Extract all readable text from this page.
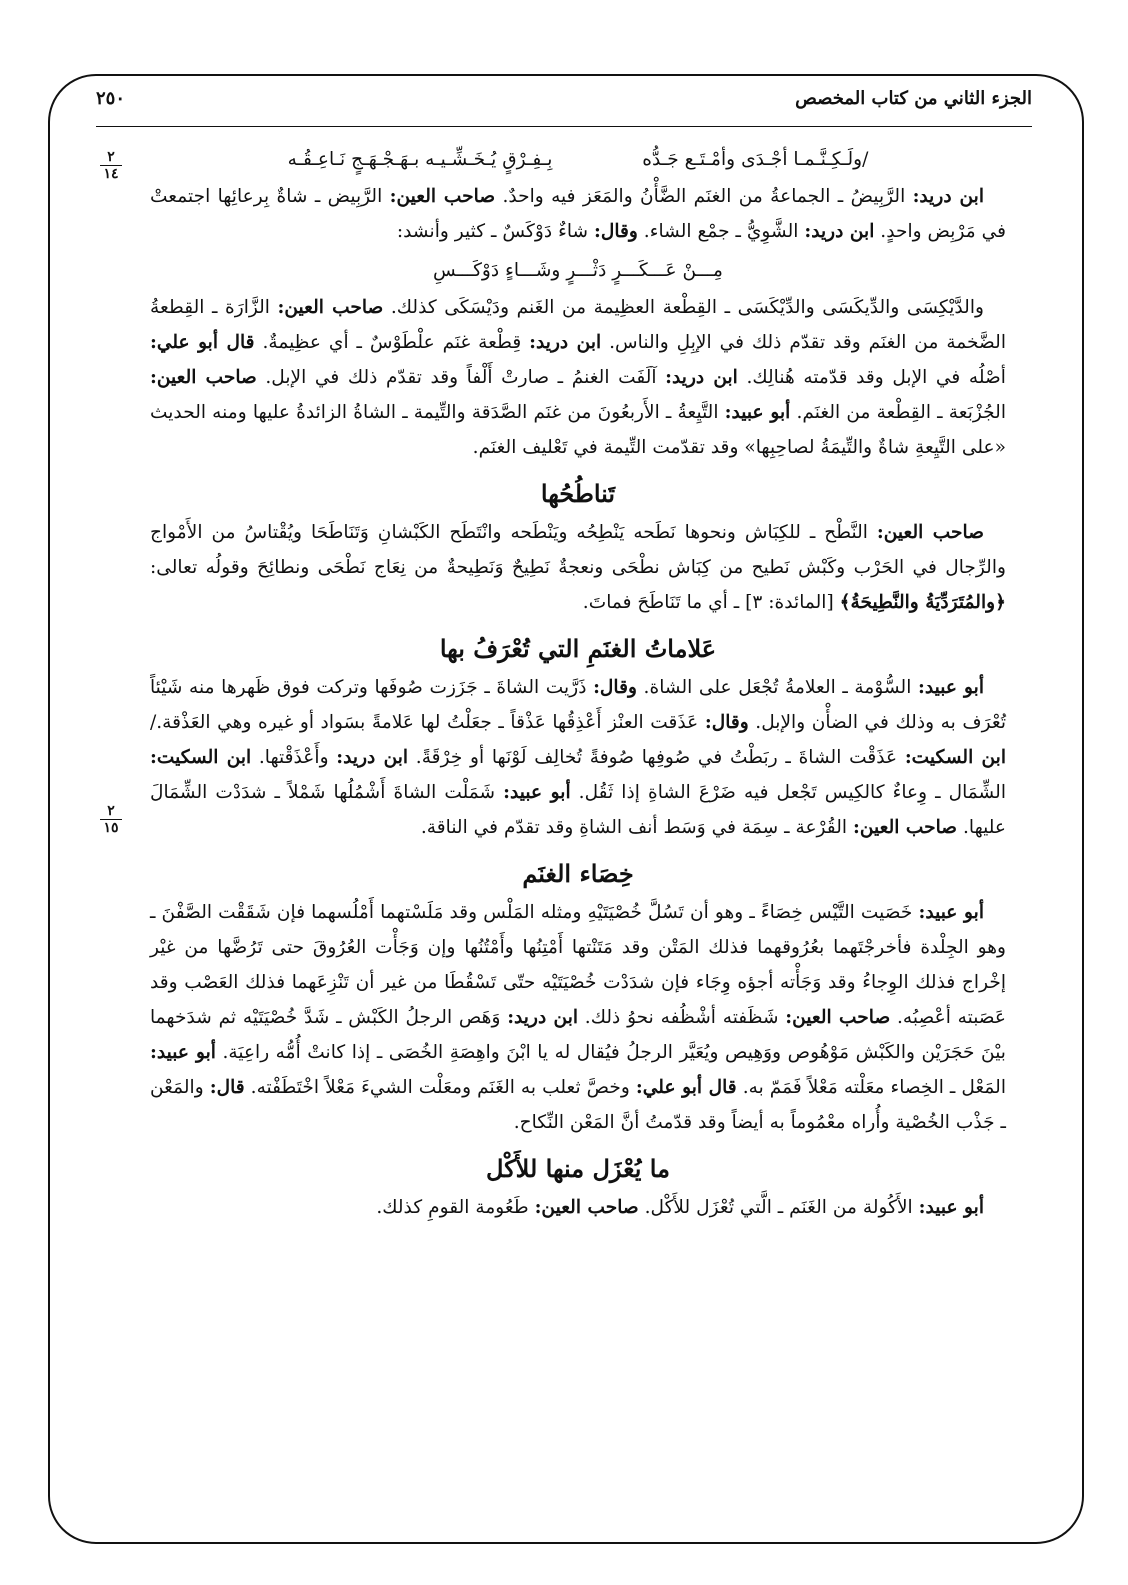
الجزء الثاني من كتاب المخصص
٢٥٠
٢
١٤
٢
١٥
/ولَـكِـنَّـمـا أجْـدَى وأمْـتَـع جَـدُّه بِـفِـرْقٍ يُـخَـشِّـيـه بـهَـجْـهَـجٍ نَـاعِـقُـه

ابن دريد: الرَّبِيضُ ـ الجماعةُ من الغنَم الضَّأْنُ والمَعَز فيه واحدٌ. صاحب العين: الرَّبِيض ـ شاةٌ بِرعائِها اجتمعتْ في مَرْبِض واحدٍ. ابن دريد: الشَّوِيُّ ـ جمْع الشاء. وقال: شاءٌ دَوْكَسٌ ـ كثير وأنشد:

مِـــنْ عَـــكَـــرٍ دَثْـــرٍ وشَـــاءٍ دَوْكَـــسِ

والدَّيْكِسَى والدِّيكَسَى والدِّيْكَسَى ـ القِطْعة العظِيمة من الغَنم ودَيْسَكَى كذلك. صاحب العين: الزَّارَة ـ القِطعةُ الضَّخمة من الغنَم وقد تقدّم ذلك في الإبِلِ والناس. ابن دريد: قِطْعة غنَم علْطَوْسٌ ـ أي عظِيمةٌ. قال أبو علي: أصْلُه في الإبل وقد قدّمته هُنالِك. ابن دريد: آلَفَت الغنمُ ـ صارتْ أَلْفاً وقد تقدّم ذلك في الإبل. صاحب العين: الجُزْبَعة ـ القِطْعة من الغنَم. أبو عبيد: التَّيِعةُ ـ الأَربعُونَ من غنَم الصَّدَقة والتِّيمة ـ الشاةُ الزائدةُ عليها ومنه الحديث «على التَّيِعةِ شاةٌ والتِّيمَةُ لصاحِبِها» وقد تقدّمت التِّيمة في تَعْليف الغنَم.

تَناطُحُها

صاحب العين: النَّطْح ـ للكِبَاش ونحوها نَطَحه يَنْطِحُه ويَنْطَحه وانْتَطَح الكَبْشانِ وَتَنَاطَحَا ويُقْتاسُ من الأَمْواج والرِّجال في الحَرْب وكَبْش نَطيح من كِبَاش نطْحَى ونعجةٌ نَطِيحٌ وَنَطِيحةٌ من نِعَاج نَطْحَى ونطائِحَ وقولُه تعالى: ﴿والمُتَرَدِّيَةُ والنَّطِيحَةُ﴾ [المائدة: ٣] ـ أي ما تَنَاطَحَ فماتَ.

عَلاماتُ الغنَمِ التي تُعْرَفُ بها

أبو عبيد: السُّوْمة ـ العلامةُ تُجْعَل على الشاة. وقال: ذَرَّيت الشاةَ ـ جَزَزت صُوفَها وتركت فوق ظَهرها منه شَيْئاً تُعْرَف به وذلك في الضأْن والإبل. وقال: عَذَقت العنْز أَعْذِقُها عَذْقاً ـ جعَلْتُ لها عَلامةً بسَواد أو غيره وهي العَذْقة./ ابن السكيت: عَذَقْت الشاةَ ـ ربَطْتُ في صُوفِها صُوفةً تُخالِف لَوْنَها أو خِرْقَةً. ابن دريد: وأَعْذَقْتها. ابن السكيت: الشِّمَال ـ وِعاءٌ كالكِيس تَجْعل فيه ضَرْعَ الشاةِ إذا ثَقُل. أبو عبيد: شَمَلْت الشاةَ أَشْمُلُها شَمْلاً ـ شدَدْت الشِّمَالَ عليها. صاحب العين: القُرْعة ـ سِمَة في وَسَط أنف الشاةِ وقد تقدّم في الناقة.

خِصَاء الغنَم

أبو عبيد: خَصَيت التَّيْس خِصَاءً ـ وهو أن تَسُلَّ خُصْيَتَيْهِ ومثله المَلْس وقد مَلَسْتهما أَمْلُسهما فإن شَقَقْت الصَّفْنَ ـ وهو الجِلْدة فأخرجْتَهما بعُرُوقهما فذلك المَتْن وقد مَتَنْتها أَمْتِنُها وأَمْتُنُها وإن وَجَأْت العُرُوقَ حتى تَرُضَّها من غيْر إخْراج فذلك الوِجاءُ وقد وَجَأْته أجؤه وِجَاء فإن شدَدْت خُصْيَتَيْه حتّى تَسْقُطَا من غير أن تَنْزِعَهما فذلك العَصْب وقد عَصَبته أعْصِبُه. صاحب العين: شَظَفته أشْظُفه نحوُ ذلك. ابن دريد: وَهَص الرجلُ الكَبْش ـ شَدَّ خُصْيَتَيْه ثم شدَخهما بيْنَ حَجَرَيْن والكَبْش مَوْهُوص ووَهِيص ويُعَيَّر الرجلُ فيُقال له يا ابْنَ واهِصَةِ الخُصَى ـ إذا كانتْ أُمُّه راعِيَة. أبو عبيد: المَعْل ـ الخِصاء معَلْته مَعْلاً فَمَمّ به. قال أبو علي: وخصَّ ثعلب به الغَنَم ومعَلْت الشيءَ مَعْلاً اخْتَطَفْته. قال: والمَعْن ـ جَذْب الخُصْية وأُراه معْمُوماً به أيضاً وقد قدّمتُ أنَّ المَعْن النِّكاح.

ما يُعْزَل منها للأَكْل

أبو عبيد: الأَكُولة من الغَنَم ـ الَّتي تُعْزَل للأَكْل. صاحب العين: طَعُومة القومِ كذلك.
